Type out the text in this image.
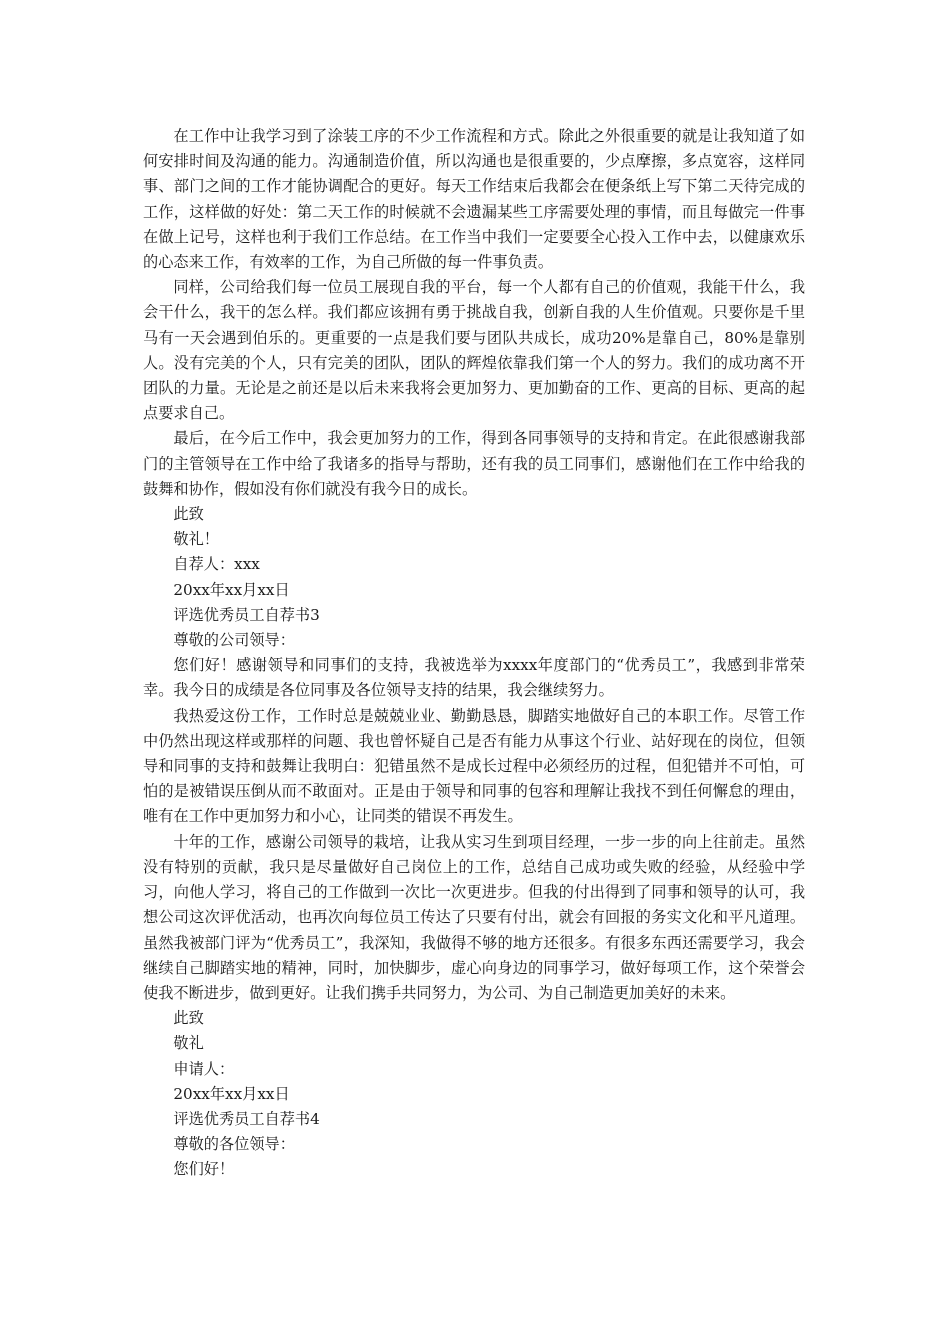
在工作中让我学习到了涂装工序的不少工作流程和方式。除此之外很重要的就是让我知道了如何安排时间及沟通的能力。沟通制造价值，所以沟通也是很重要的，少点摩擦，多点宽容，这样同事、部门之间的工作才能协调配合的更好。每天工作结束后我都会在便条纸上写下第二天待完成的工作，这样做的好处：第二天工作的时候就不会遗漏某些工序需要处理的事情，而且每做完一件事在做上记号，这样也利于我们工作总结。在工作当中我们一定要要全心投入工作中去，以健康欢乐的心态来工作，有效率的工作，为自己所做的每一件事负责。

同样，公司给我们每一位员工展现自我的平台，每一个人都有自己的价值观，我能干什么，我会干什么，我干的怎么样。我们都应该拥有勇于挑战自我，创新自我的人生价值观。只要你是千里马有一天会遇到伯乐的。更重要的一点是我们要与团队共成长，成功20%是靠自己，80%是靠别人。没有完美的个人，只有完美的团队，团队的辉煌依靠我们第一个人的努力。我们的成功离不开团队的力量。无论是之前还是以后未来我将会更加努力、更加勤奋的工作、更高的目标、更高的起点要求自己。

最后，在今后工作中，我会更加努力的工作，得到各同事领导的支持和肯定。在此很感谢我部门的主管领导在工作中给了我诸多的指导与帮助，还有我的员工同事们，感谢他们在工作中给我的鼓舞和协作，假如没有你们就没有我今日的成长。

此致

敬礼！

自荐人：xxx

20xx年xx月xx日

评选优秀员工自荐书3

尊敬的公司领导：

您们好！感谢领导和同事们的支持，我被选举为xxxx年度部门的“优秀员工”，我感到非常荣幸。我今日的成绩是各位同事及各位领导支持的结果，我会继续努力。

我热爱这份工作，工作时总是兢兢业业、勤勤恳恳，脚踏实地做好自己的本职工作。尽管工作中仍然出现这样或那样的问题、我也曾怀疑自己是否有能力从事这个行业、站好现在的岗位，但领导和同事的支持和鼓舞让我明白：犯错虽然不是成长过程中必须经历的过程，但犯错并不可怕，可怕的是被错误压倒从而不敢面对。正是由于领导和同事的包容和理解让我找不到任何懈怠的理由，唯有在工作中更加努力和小心，让同类的错误不再发生。

十年的工作，感谢公司领导的栽培，让我从实习生到项目经理，一步一步的向上往前走。虽然没有特别的贡献，我只是尽量做好自己岗位上的工作，总结自己成功或失败的经验，从经验中学习，向他人学习，将自己的工作做到一次比一次更进步。但我的付出得到了同事和领导的认可，我想公司这次评优活动，也再次向每位员工传达了只要有付出，就会有回报的务实文化和平凡道理。虽然我被部门评为“优秀员工”，我深知，我做得不够的地方还很多。有很多东西还需要学习，我会继续自己脚踏实地的精神，同时，加快脚步，虚心向身边的同事学习，做好每项工作，这个荣誉会使我不断进步，做到更好。让我们携手共同努力，为公司、为自己制造更加美好的未来。

此致

敬礼

申请人：

20xx年xx月xx日

评选优秀员工自荐书4

尊敬的各位领导：

您们好！
